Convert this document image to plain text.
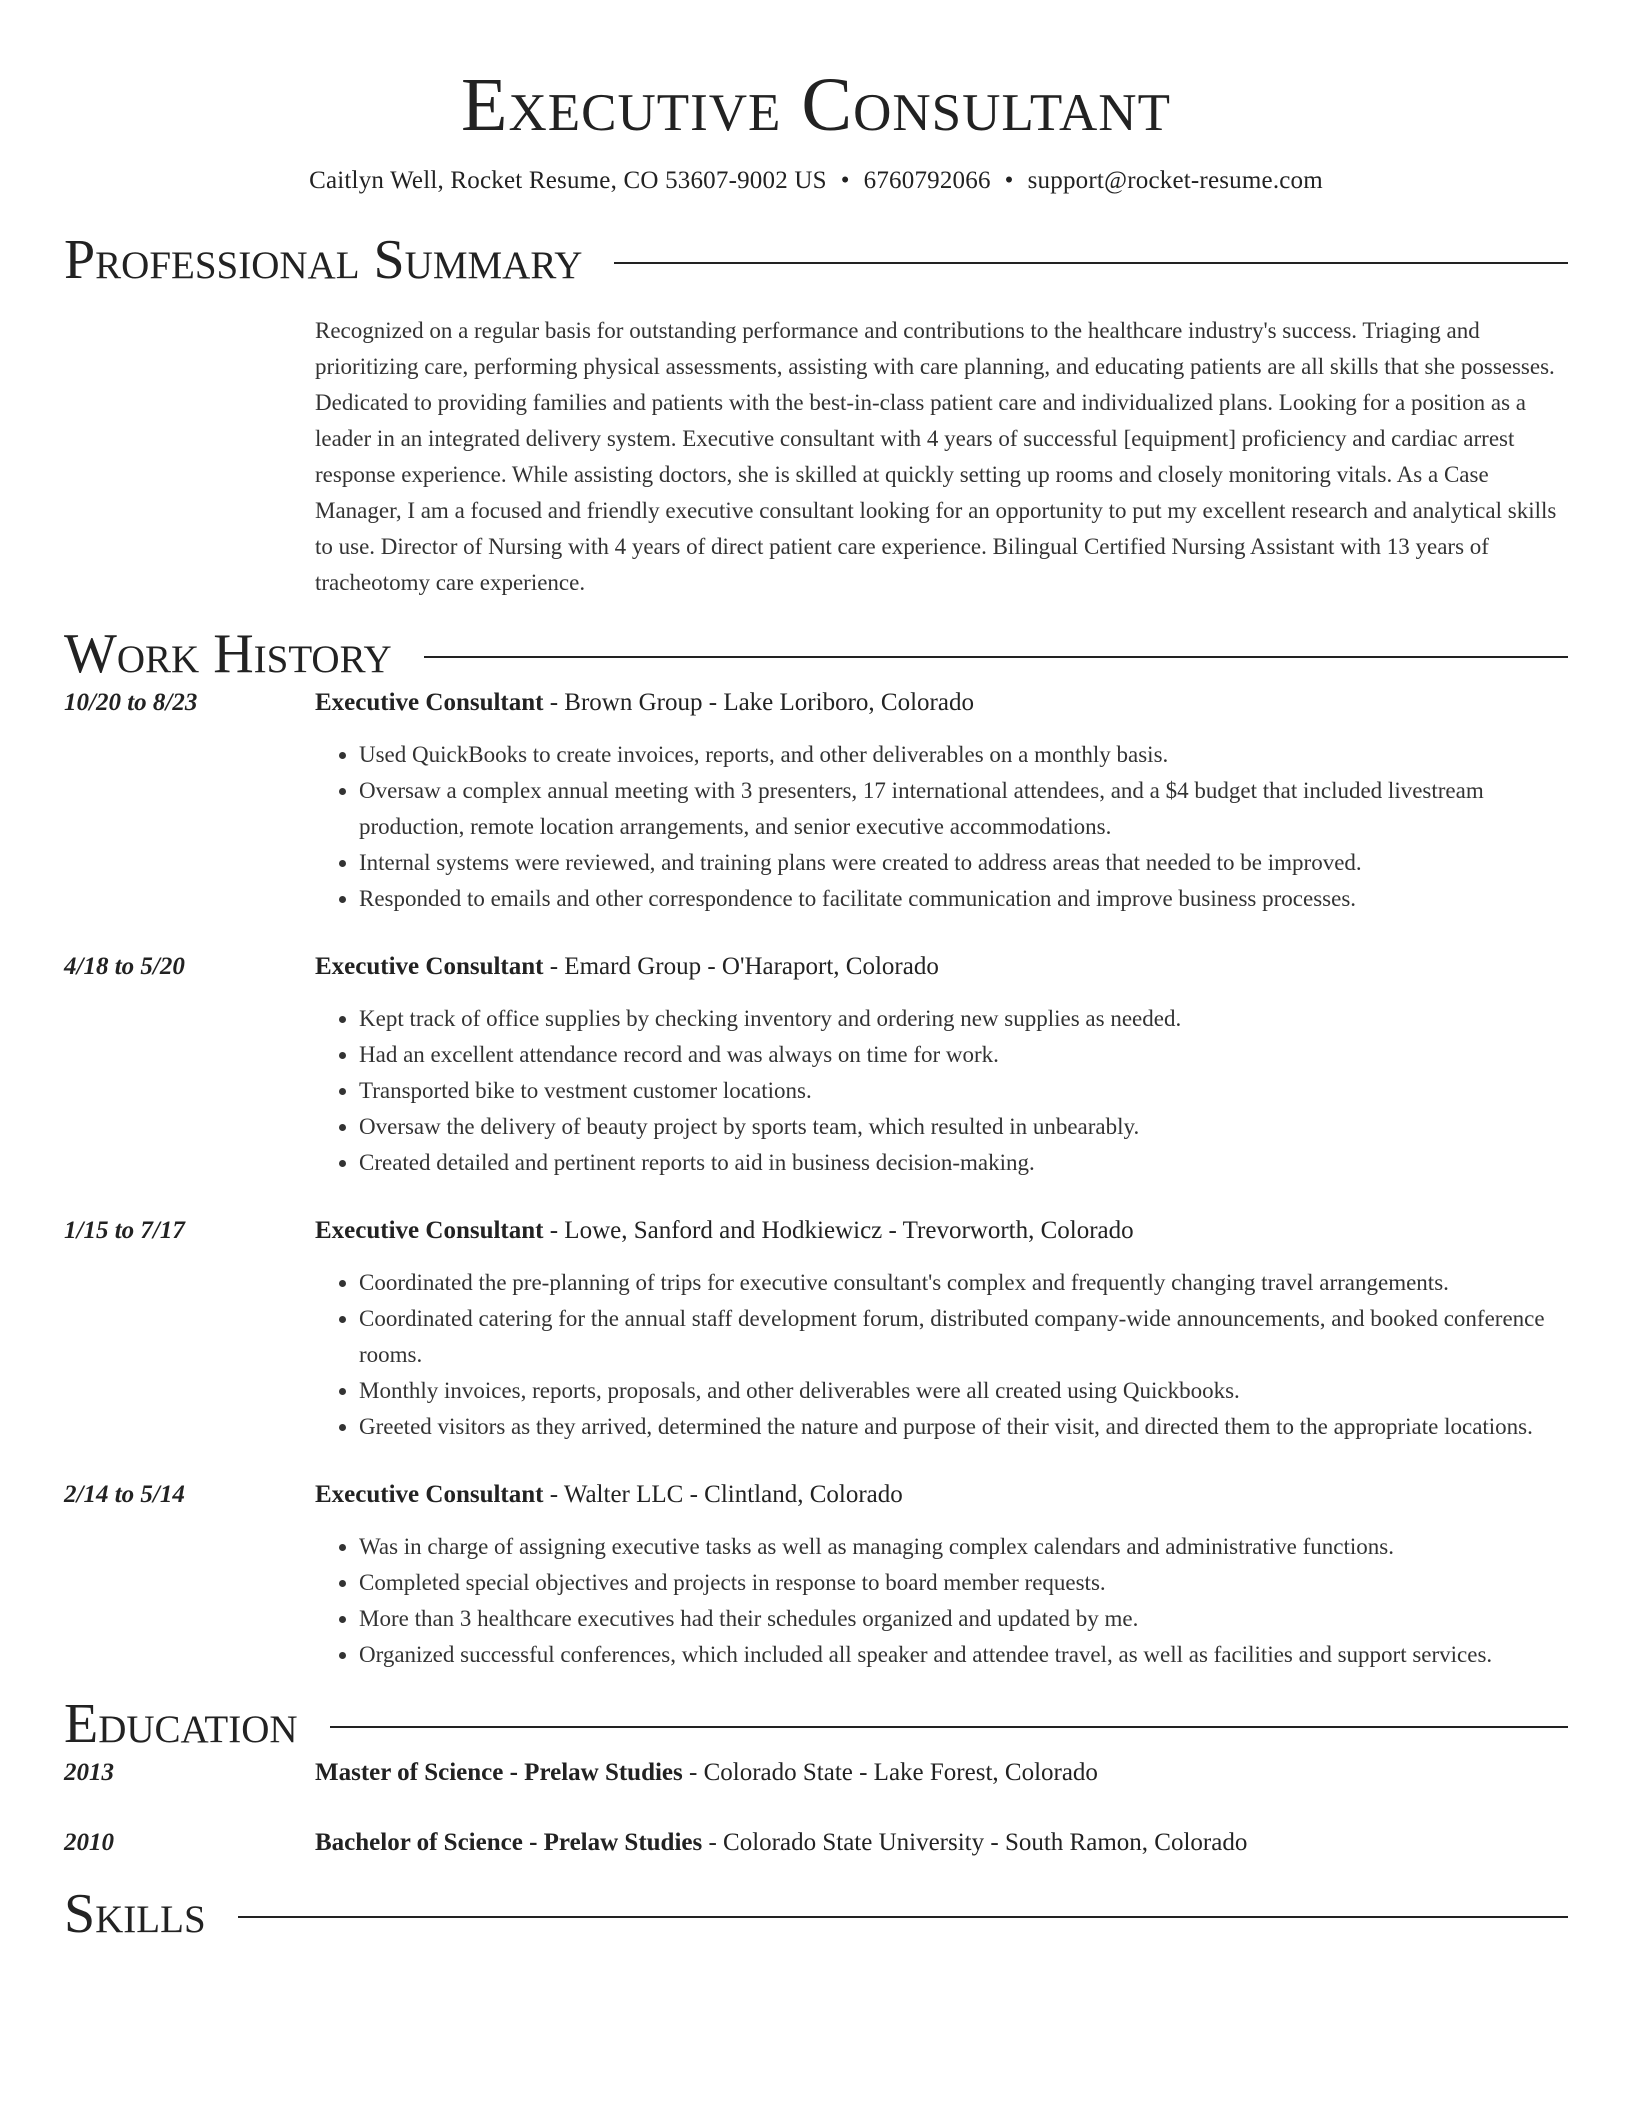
Executive Consultant
Caitlyn Well, Rocket Resume, CO 53607-9002 US • 6760792066 • support@rocket-resume.com
Professional Summary
Recognized on a regular basis for outstanding performance and contributions to the healthcare industry's success. Triaging and prioritizing care, performing physical assessments, assisting with care planning, and educating patients are all skills that she possesses. Dedicated to providing families and patients with the best-in-class patient care and individualized plans. Looking for a position as a leader in an integrated delivery system. Executive consultant with 4 years of successful [equipment] proficiency and cardiac arrest response experience. While assisting doctors, she is skilled at quickly setting up rooms and closely monitoring vitals. As a Case Manager, I am a focused and friendly executive consultant looking for an opportunity to put my excellent research and analytical skills to use. Director of Nursing with 4 years of direct patient care experience. Bilingual Certified Nursing Assistant with 13 years of tracheotomy care experience.
Work History
10/20 to 8/23	Executive Consultant - Brown Group - Lake Loriboro, Colorado
• Used QuickBooks to create invoices, reports, and other deliverables on a monthly basis.
• Oversaw a complex annual meeting with 3 presenters, 17 international attendees, and a $4 budget that included livestream production, remote location arrangements, and senior executive accommodations.
• Internal systems were reviewed, and training plans were created to address areas that needed to be improved.
• Responded to emails and other correspondence to facilitate communication and improve business processes.
4/18 to 5/20	Executive Consultant - Emard Group - O'Haraport, Colorado
• Kept track of office supplies by checking inventory and ordering new supplies as needed.
• Had an excellent attendance record and was always on time for work.
• Transported bike to vestment customer locations.
• Oversaw the delivery of beauty project by sports team, which resulted in unbearably.
• Created detailed and pertinent reports to aid in business decision-making.
1/15 to 7/17	Executive Consultant - Lowe, Sanford and Hodkiewicz - Trevorworth, Colorado
• Coordinated the pre-planning of trips for executive consultant's complex and frequently changing travel arrangements.
• Coordinated catering for the annual staff development forum, distributed company-wide announcements, and booked conference rooms.
• Monthly invoices, reports, proposals, and other deliverables were all created using Quickbooks.
• Greeted visitors as they arrived, determined the nature and purpose of their visit, and directed them to the appropriate locations.
2/14 to 5/14	Executive Consultant - Walter LLC - Clintland, Colorado
• Was in charge of assigning executive tasks as well as managing complex calendars and administrative functions.
• Completed special objectives and projects in response to board member requests.
• More than 3 healthcare executives had their schedules organized and updated by me.
• Organized successful conferences, which included all speaker and attendee travel, as well as facilities and support services.
Education
2013	Master of Science - Prelaw Studies - Colorado State - Lake Forest, Colorado
2010	Bachelor of Science - Prelaw Studies - Colorado State University - South Ramon, Colorado
Skills
